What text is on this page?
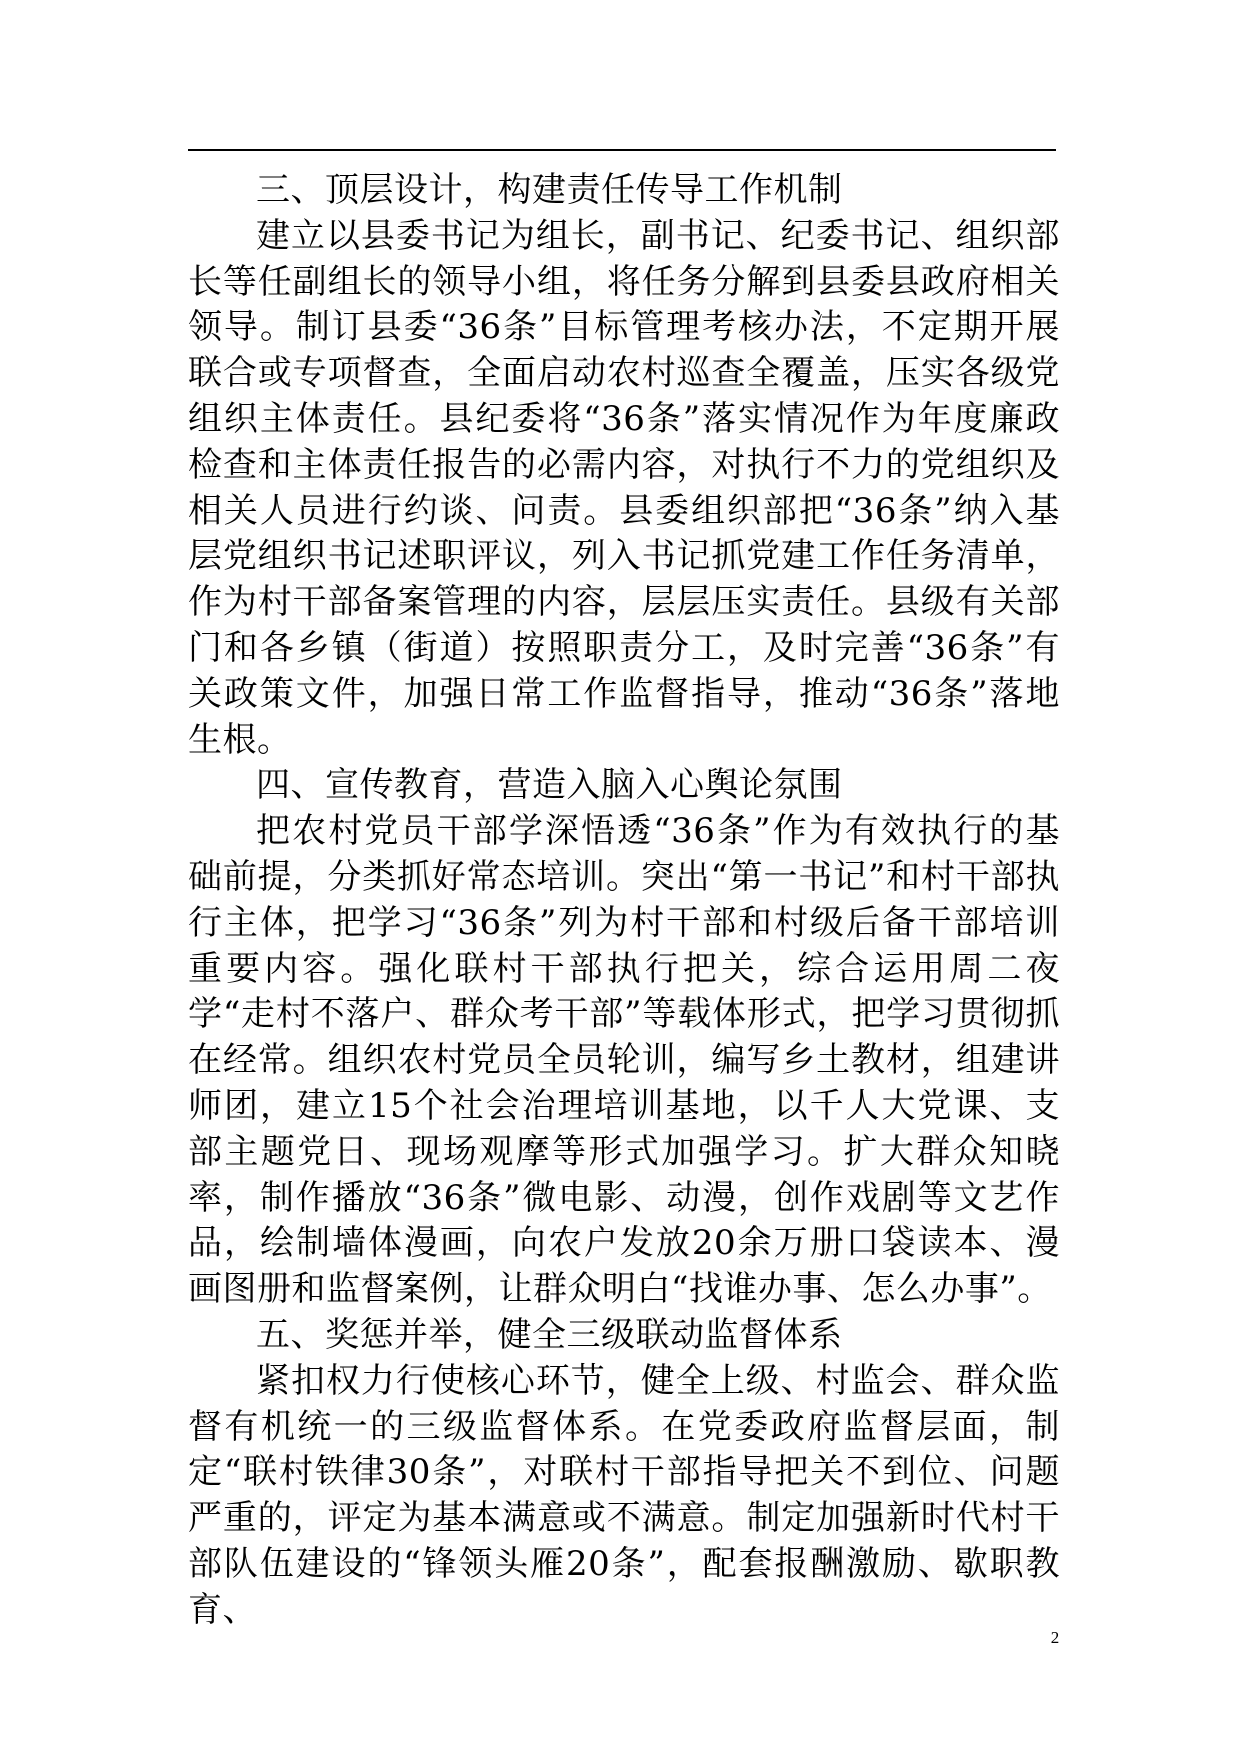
三、顶层设计，构建责任传导工作机制

建立以县委书记为组长，副书记、纪委书记、组织部长等任副组长的领导小组，将任务分解到县委县政府相关领导。制订县委“36条”目标管理考核办法，不定期开展联合或专项督查，全面启动农村巡查全覆盖，压实各级党组织主体责任。县纪委将“36条”落实情况作为年度廉政检查和主体责任报告的必需内容，对执行不力的党组织及相关人员进行约谈、问责。县委组织部把“36条”纳入基层党组织书记述职评议，列入书记抓党建工作任务清单，作为村干部备案管理的内容，层层压实责任。县级有关部门和各乡镇（街道）按照职责分工，及时完善“36条”有关政策文件，加强日常工作监督指导，推动“36条”落地生根。

四、宣传教育，营造入脑入心舆论氛围

把农村党员干部学深悟透“36条”作为有效执行的基础前提，分类抓好常态培训。突出“第一书记”和村干部执行主体，把学习“36条”列为村干部和村级后备干部培训重要内容。强化联村干部执行把关，综合运用周二夜学“走村不落户、群众考干部”等载体形式，把学习贯彻抓在经常。组织农村党员全员轮训，编写乡土教材，组建讲师团，建立15个社会治理培训基地，以千人大党课、支部主题党日、现场观摩等形式加强学习。扩大群众知晓率，制作播放“36条”微电影、动漫，创作戏剧等文艺作品，绘制墙体漫画，向农户发放20余万册口袋读本、漫画图册和监督案例，让群众明白“找谁办事、怎么办事”。

五、奖惩并举，健全三级联动监督体系

紧扣权力行使核心环节，健全上级、村监会、群众监督有机统一的三级监督体系。在党委政府监督层面，制定“联村铁律30条”，对联村干部指导把关不到位、问题严重的，评定为基本满意或不满意。制定加强新时代村干部队伍建设的“锋领头雁20条”，配套报酬激励、歇职教育、

2
